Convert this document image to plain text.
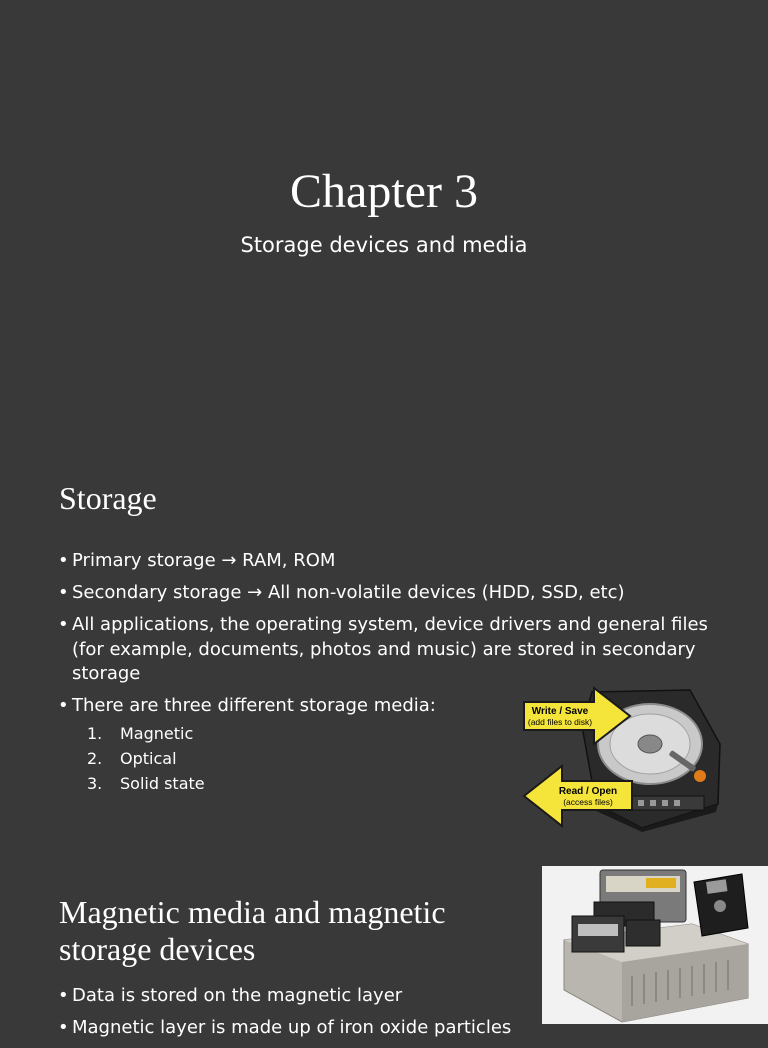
Chapter 3
Storage devices and media
Storage
• Primary storage → RAM, ROM
• Secondary storage → All non-volatile devices (HDD, SSD, etc)
• All applications, the operating system, device drivers and general files (for example, documents, photos and music) are stored in secondary storage
• There are three different storage media:
1. Magnetic
2. Optical
3. Solid state
Write / Save
(add files to disk)
Read / Open
(access files)
Magnetic media and magnetic
storage devices
• Data is stored on the magnetic layer
• Magnetic layer is made up of iron oxide particles
